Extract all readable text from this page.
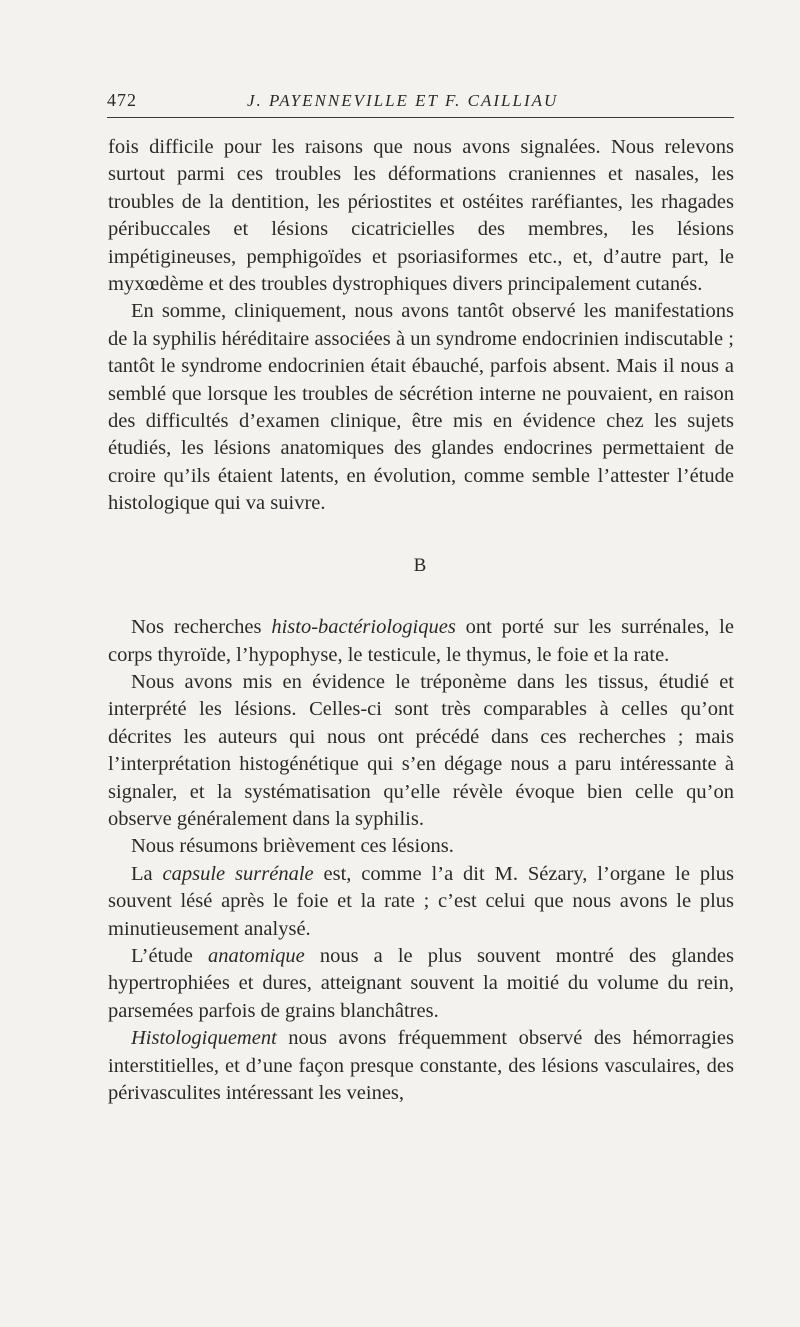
472	J. PAYENNEVILLE ET F. CAILLIAU

fois difficile pour les raisons que nous avons signalées. Nous relevons surtout parmi ces troubles les déformations craniennes et nasales, les troubles de la dentition, les périostites et ostéites raréfiantes, les rhagades péribuccales et lésions cicatricielles des membres, les lésions impétigineuses, pemphigoïdes et psoriasiformes etc., et, d’autre part, le myxœdème et des troubles dystrophiques divers principalement cutanés.

En somme, cliniquement, nous avons tantôt observé les manifestations de la syphilis héréditaire associées à un syndrome endocrinien indiscutable ; tantôt le syndrome endocrinien était ébauché, parfois absent. Mais il nous a semblé que lorsque les troubles de sécrétion interne ne pouvaient, en raison des difficultés d’examen clinique, être mis en évidence chez les sujets étudiés, les lésions anatomiques des glandes endocrines permettaient de croire qu’ils étaient latents, en évolution, comme semble l’attester l’étude histologique qui va suivre.

B

Nos recherches histo-bactériologiques ont porté sur les surrénales, le corps thyroïde, l’hypophyse, le testicule, le thymus, le foie et la rate.

Nous avons mis en évidence le tréponème dans les tissus, étudié et interprété les lésions. Celles-ci sont très comparables à celles qu’ont décrites les auteurs qui nous ont précédé dans ces recherches ; mais l’interprétation histogénétique qui s’en dégage nous a paru intéressante à signaler, et la systématisation qu’elle révèle évoque bien celle qu’on observe généralement dans la syphilis.

Nous résumons brièvement ces lésions.

La capsule surrénale est, comme l’a dit M. Sézary, l’organe le plus souvent lésé après le foie et la rate ; c’est celui que nous avons le plus minutieusement analysé.

L’étude anatomique nous a le plus souvent montré des glandes hypertrophiées et dures, atteignant souvent la moitié du volume du rein, parsemées parfois de grains blanchâtres.

Histologiquement nous avons fréquemment observé des hémorragies interstitielles, et d’une façon presque constante, des lésions vasculaires, des périvasculites intéressant les veines,
